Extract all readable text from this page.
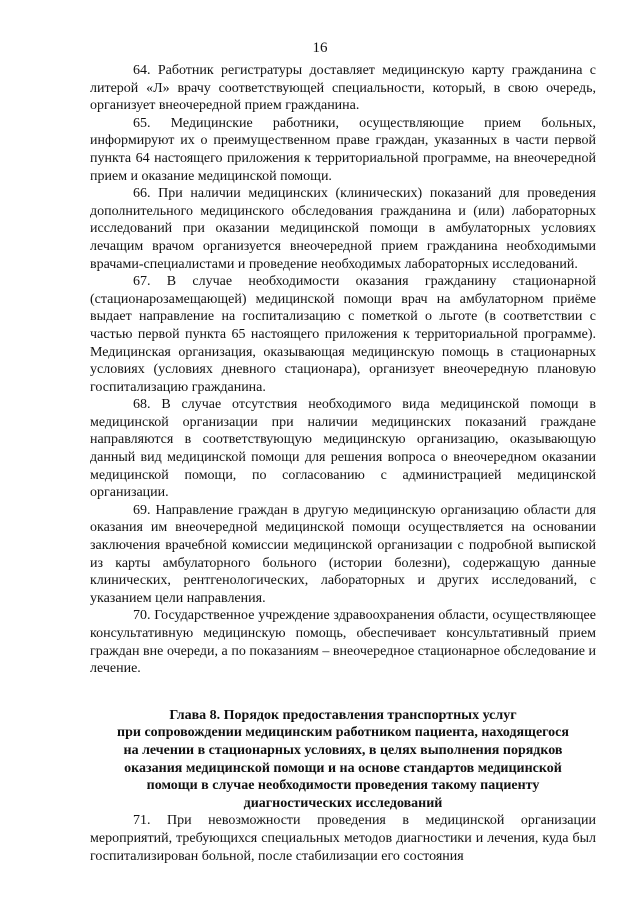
16

64. Работник регистратуры доставляет медицинскую карту гражданина с литерой «Л» врачу соответствующей специальности, который, в свою очередь, организует внеочередной прием гражданина.

65. Медицинские работники, осуществляющие прием больных, информируют их о преимущественном праве граждан, указанных в части первой пункта 64 настоящего приложения к территориальной программе, на внеочередной прием и оказание медицинской помощи.

66. При наличии медицинских (клинических) показаний для проведения дополнительного медицинского обследования гражданина и (или) лабораторных исследований при оказании медицинской помощи в амбулаторных условиях лечащим врачом организуется внеочередной прием гражданина необходимыми врачами-специалистами и проведение необходимых лабораторных исследований.

67. В случае необходимости оказания гражданину стационарной (стационарозамещающей) медицинской помощи врач на амбулаторном приёме выдает направление на госпитализацию с пометкой о льготе (в соответствии с частью первой пункта 65 настоящего приложения к территориальной программе). Медицинская организация, оказывающая медицинскую помощь в стационарных условиях (условиях дневного стационара), организует внеочередную плановую госпитализацию гражданина.

68. В случае отсутствия необходимого вида медицинской помощи в медицинской организации при наличии медицинских показаний граждане направляются в соответствующую медицинскую организацию, оказывающую данный вид медицинской помощи для решения вопроса о внеочередном оказании медицинской помощи, по согласованию с администрацией медицинской организации.

69. Направление граждан в другую медицинскую организацию области для оказания им внеочередной медицинской помощи осуществляется на основании заключения врачебной комиссии медицинской организации с подробной выпиской из карты амбулаторного больного (истории болезни), содержащую данные клинических, рентгенологических, лабораторных и других исследований, с указанием цели направления.

70. Государственное учреждение здравоохранения области, осуществляющее консультативную медицинскую помощь, обеспечивает консультативный прием граждан вне очереди, а по показаниям – внеочередное стационарное обследование и лечение.

Глава 8. Порядок предоставления транспортных услуг
при сопровождении медицинским работником пациента, находящегося
на лечении в стационарных условиях, в целях выполнения порядков
оказания медицинской помощи и на основе стандартов медицинской
помощи в случае необходимости проведения такому пациенту
диагностических исследований

71. При невозможности проведения в медицинской организации мероприятий, требующихся специальных методов диагностики и лечения, куда был госпитализирован больной, после стабилизации его состояния
